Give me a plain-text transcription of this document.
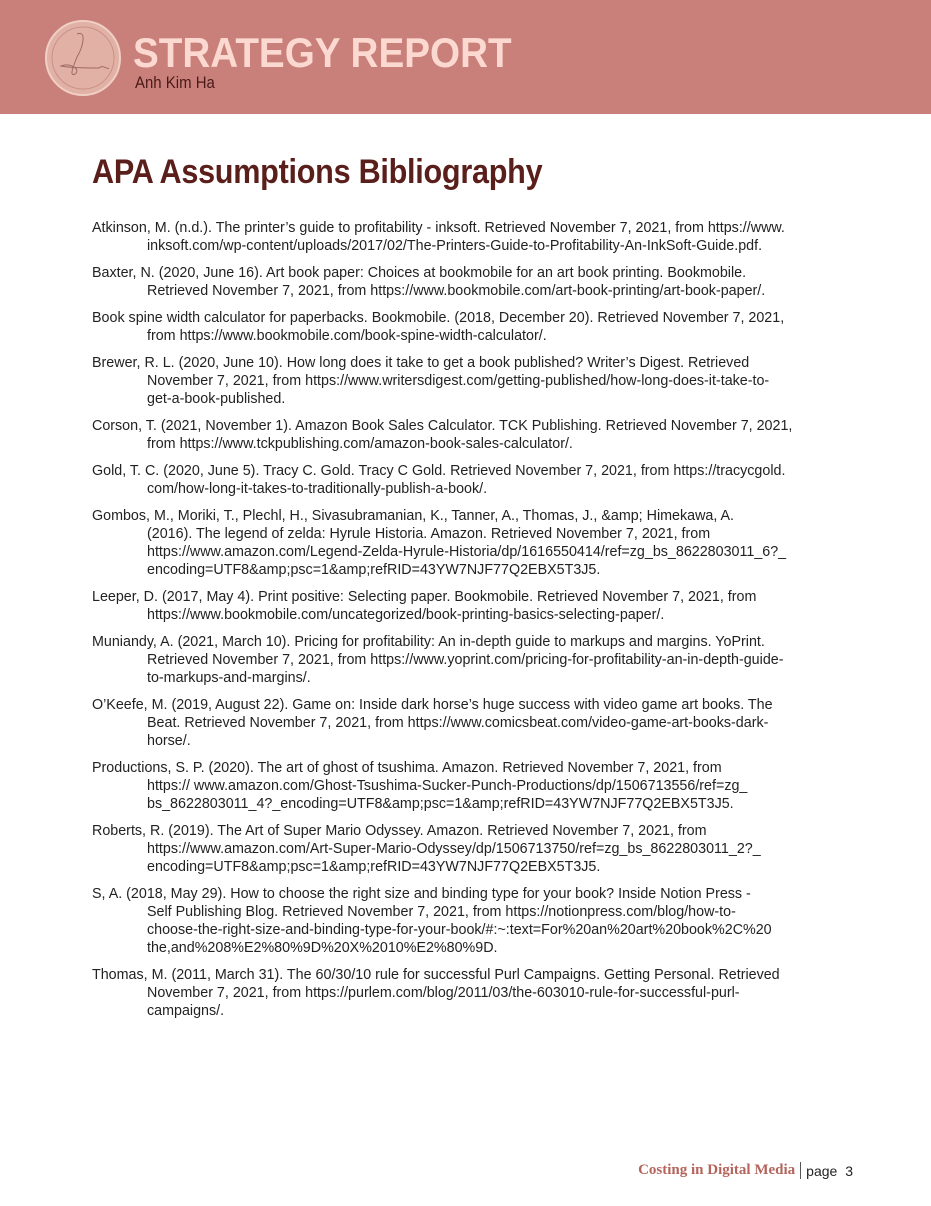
STRATEGY REPORT
Anh Kim Ha
APA Assumptions Bibliography
Atkinson, M. (n.d.). The printer’s guide to profitability - inksoft. Retrieved November 7, 2021, from https://www.
inksoft.com/wp-content/uploads/2017/02/The-Printers-Guide-to-Profitability-An-InkSoft-Guide.pdf.
Baxter, N. (2020, June 16). Art book paper: Choices at bookmobile for an art book printing. Bookmobile.
Retrieved November 7, 2021, from https://www.bookmobile.com/art-book-printing/art-book-paper/.
Book spine width calculator for paperbacks. Bookmobile. (2018, December 20). Retrieved November 7, 2021,
from https://www.bookmobile.com/book-spine-width-calculator/.
Brewer, R. L. (2020, June 10). How long does it take to get a book published? Writer’s Digest. Retrieved
November 7, 2021, from https://www.writersdigest.com/getting-published/how-long-does-it-take-to-
get-a-book-published.
Corson, T. (2021, November 1). Amazon Book Sales Calculator. TCK Publishing. Retrieved November 7, 2021,
from https://www.tckpublishing.com/amazon-book-sales-calculator/.
Gold, T. C. (2020, June 5). Tracy C. Gold. Tracy C Gold. Retrieved November 7, 2021, from https://tracycgold.
com/how-long-it-takes-to-traditionally-publish-a-book/.
Gombos, M., Moriki, T., Plechl, H., Sivasubramanian, K., Tanner, A., Thomas, J., &amp; Himekawa, A.
(2016). The legend of zelda: Hyrule Historia. Amazon. Retrieved November 7, 2021, from
https://www.amazon.com/Legend-Zelda-Hyrule-Historia/dp/1616550414/ref=zg_bs_8622803011_6?_
encoding=UTF8&amp;psc=1&amp;refRID=43YW7NJF77Q2EBX5T3J5.
Leeper, D. (2017, May 4). Print positive: Selecting paper. Bookmobile. Retrieved November 7, 2021, from
https://www.bookmobile.com/uncategorized/book-printing-basics-selecting-paper/.
Muniandy, A. (2021, March 10). Pricing for profitability: An in-depth guide to markups and margins. YoPrint.
Retrieved November 7, 2021, from https://www.yoprint.com/pricing-for-profitability-an-in-depth-guide-
to-markups-and-margins/.
O’Keefe, M. (2019, August 22). Game on: Inside dark horse’s huge success with video game art books. The
Beat. Retrieved November 7, 2021, from https://www.comicsbeat.com/video-game-art-books-dark-
horse/.
Productions, S. P. (2020). The art of ghost of tsushima. Amazon. Retrieved November 7, 2021, from
https:// www.amazon.com/Ghost-Tsushima-Sucker-Punch-Productions/dp/1506713556/ref=zg_
bs_8622803011_4?_encoding=UTF8&amp;psc=1&amp;refRID=43YW7NJF77Q2EBX5T3J5.
Roberts, R. (2019). The Art of Super Mario Odyssey. Amazon. Retrieved November 7, 2021, from
https://www.amazon.com/Art-Super-Mario-Odyssey/dp/1506713750/ref=zg_bs_8622803011_2?_
encoding=UTF8&amp;psc=1&amp;refRID=43YW7NJF77Q2EBX5T3J5.
S, A. (2018, May 29). How to choose the right size and binding type for your book? Inside Notion Press -
Self Publishing Blog. Retrieved November 7, 2021, from https://notionpress.com/blog/how-to-
choose-the-right-size-and-binding-type-for-your-book/#:~:text=For%20an%20art%20book%2C%20
the,and%208%E2%80%9D%20X%2010%E2%80%9D.
Thomas, M. (2011, March 31). The 60/30/10 rule for successful Purl Campaigns. Getting Personal. Retrieved
November 7, 2021, from https://purlem.com/blog/2011/03/the-603010-rule-for-successful-purl-
campaigns/.
Costing in Digital Media page
3
